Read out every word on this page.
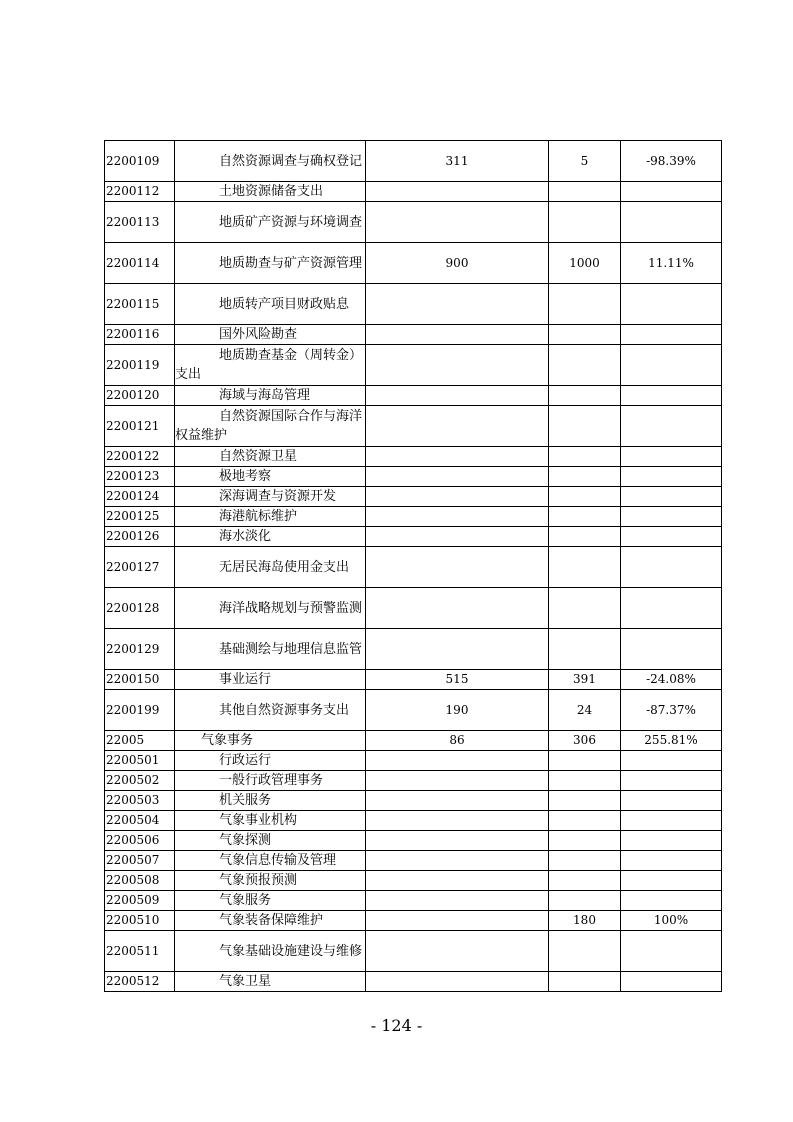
2200109	自然资源调查与确权登记	311	5	-98.39%
2200112	土地资源储备支出			
2200113	地质矿产资源与环境调查			
2200114	地质勘查与矿产资源管理	900	1000	11.11%
2200115	地质转产项目财政贴息			
2200116	国外风险勘查			
2200119	地质勘查基金（周转金）支出			
2200120	海域与海岛管理			
2200121	自然资源国际合作与海洋权益维护			
2200122	自然资源卫星			
2200123	极地考察			
2200124	深海调查与资源开发			
2200125	海港航标维护			
2200126	海水淡化			
2200127	无居民海岛使用金支出			
2200128	海洋战略规划与预警监测			
2200129	基础测绘与地理信息监管			
2200150	事业运行	515	391	-24.08%
2200199	其他自然资源事务支出	190	24	-87.37%
22005	气象事务	86	306	255.81%
2200501	行政运行			
2200502	一般行政管理事务			
2200503	机关服务			
2200504	气象事业机构			
2200506	气象探测			
2200507	气象信息传输及管理			
2200508	气象预报预测			
2200509	气象服务			
2200510	气象装备保障维护		180	100%
2200511	气象基础设施建设与维修			
2200512	气象卫星			
- 124 -
